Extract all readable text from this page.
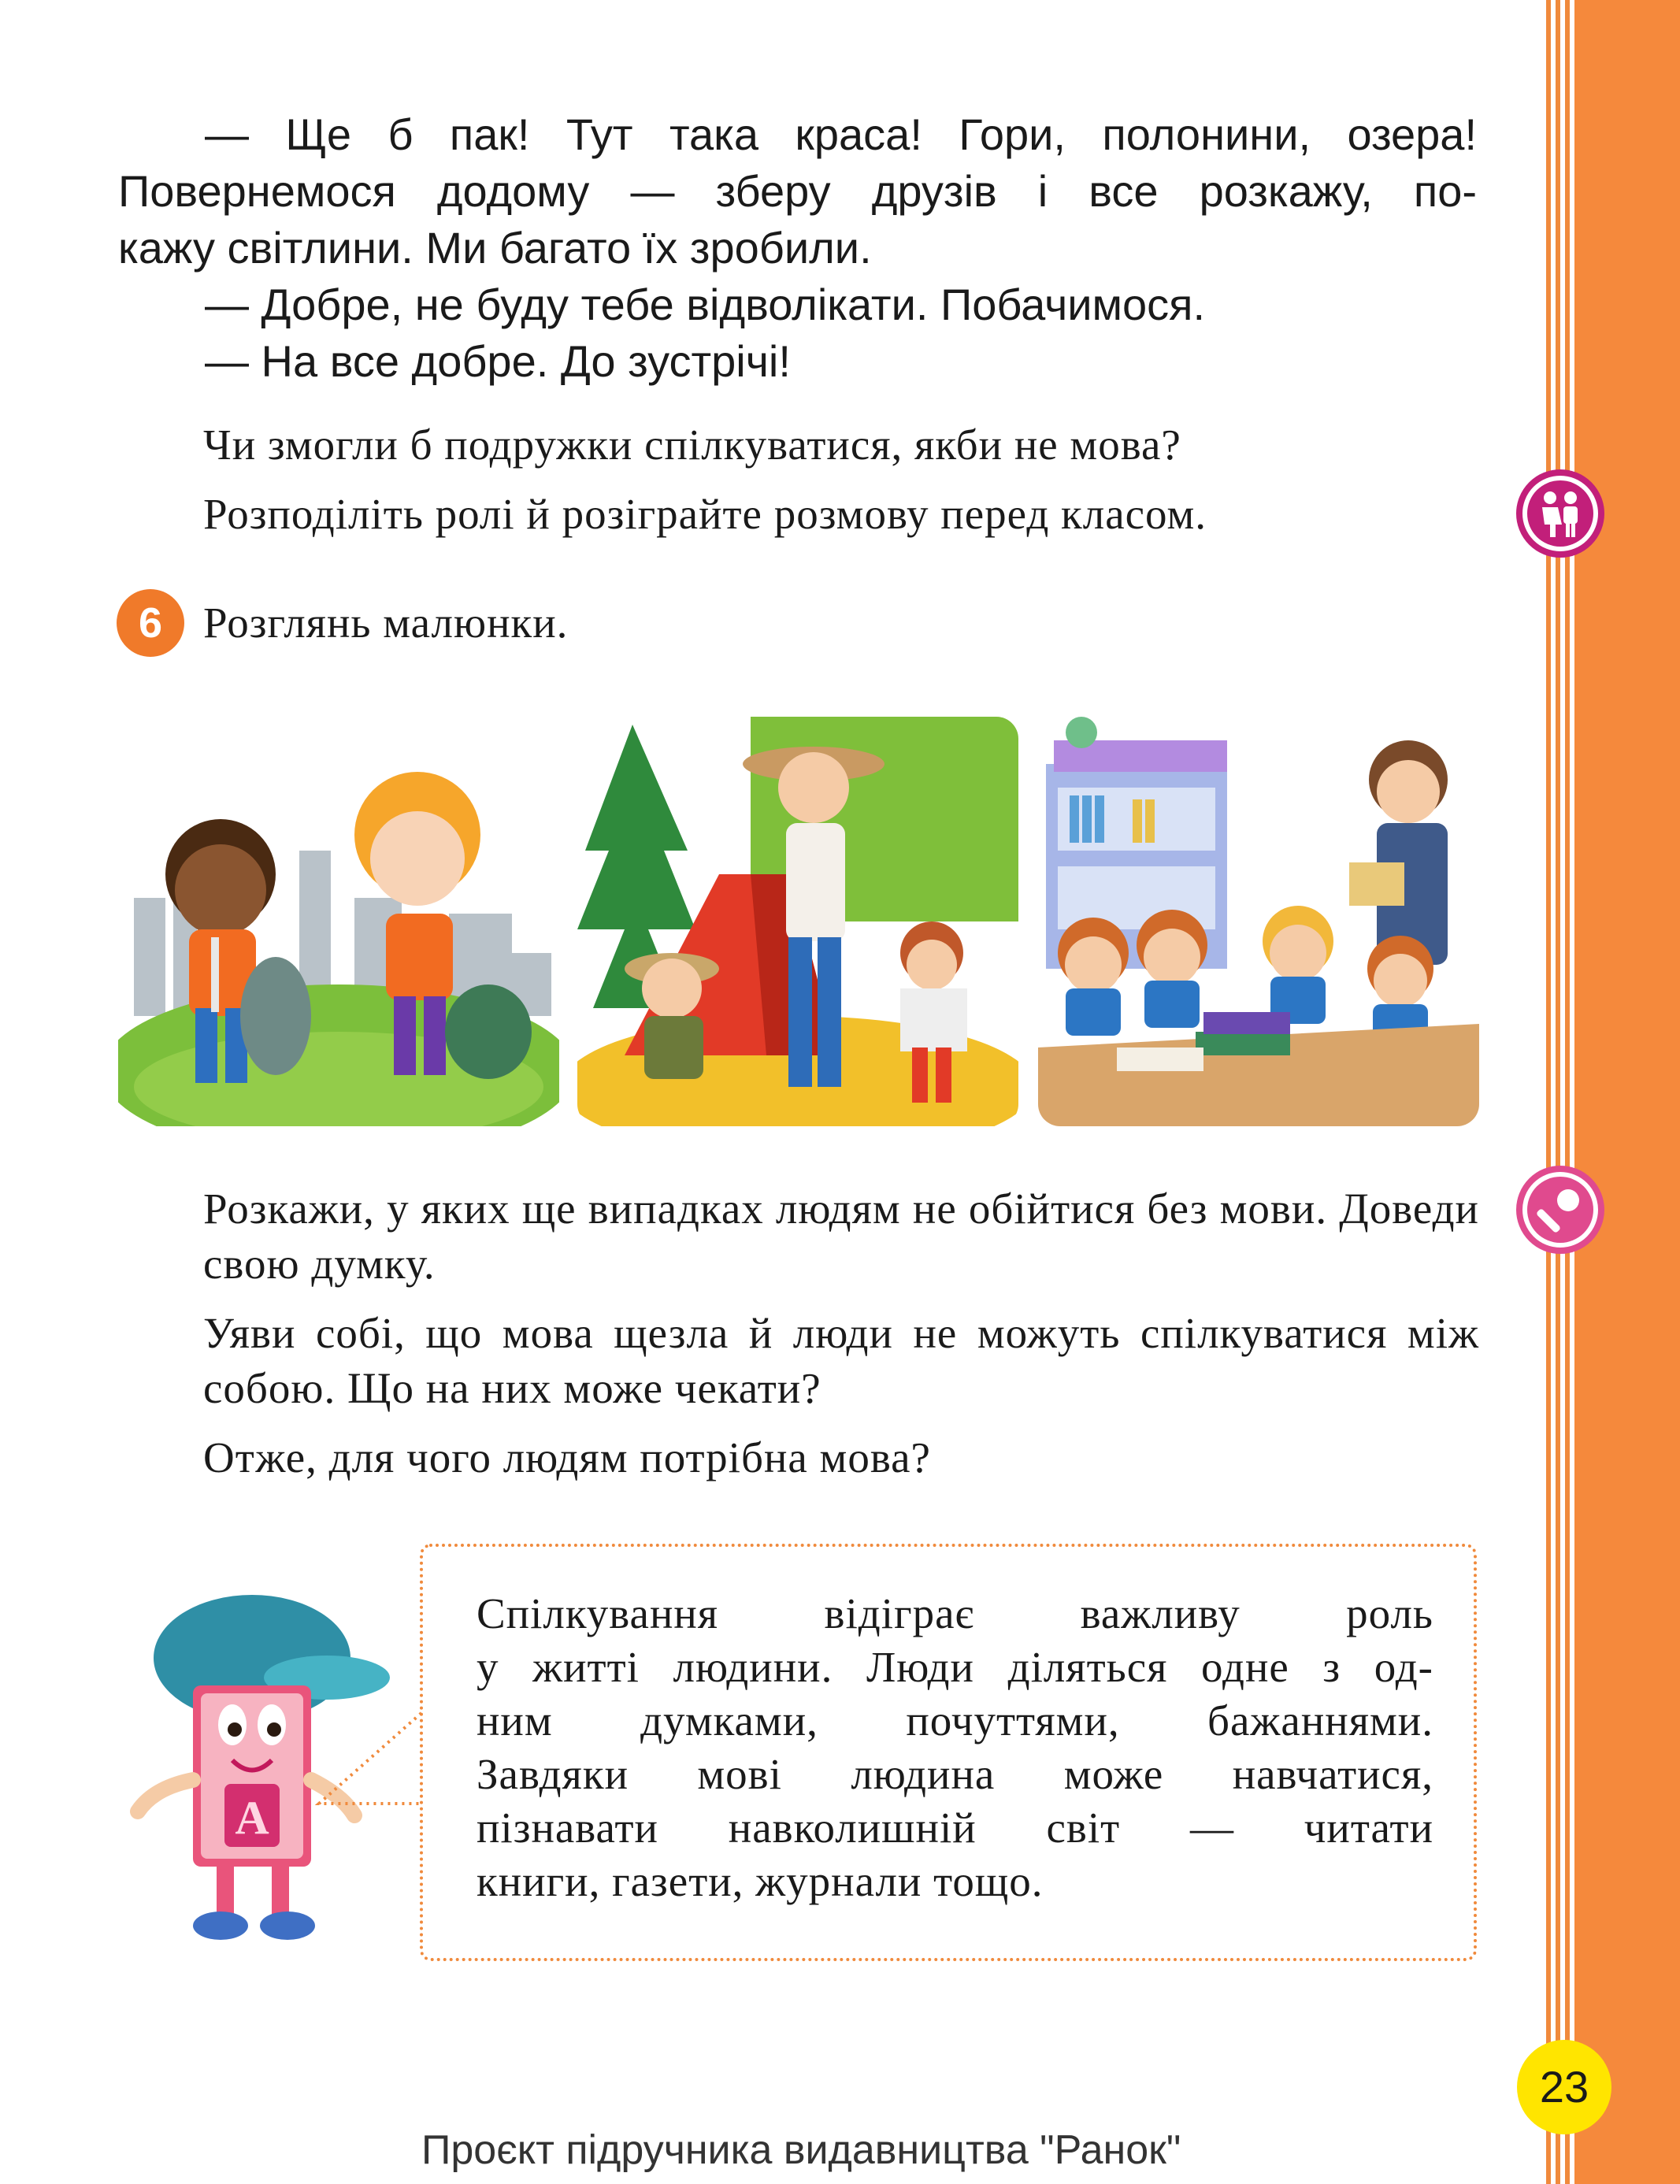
— Ще б пак! Тут така краса! Гори, полонини, озера!

Повернемося додому — зберу друзів і все розкажу, по-

кажу світлини. Ми багато їх зробили.

— Добре, не буду тебе відволікати. Побачимося.

— На все добре. До зустрічі!

Чи змогли б подружки спілкуватися, якби не мова?

Розподіліть ролі й розіграйте розмову перед класом.

6 Розглянь малюнки.

Розкажи, у яких ще випадках людям не обійтися без мови. Доведи свою думку.

Уяви собі, що мова щезла й люди не можуть спілкуватися між собою. Що на них може чекати?

Отже, для чого людям потрібна мова?

А
Спілкування відіграє важливу роль
у житті людини. Люди діляться одне з од-
ним думками, почуттями, бажаннями.
Завдяки мові людина може навчатися,
пізнавати навколишній світ — читати
книги, газети, журнали тощо.
23
Проєкт підручника видавництва "Ранок"
